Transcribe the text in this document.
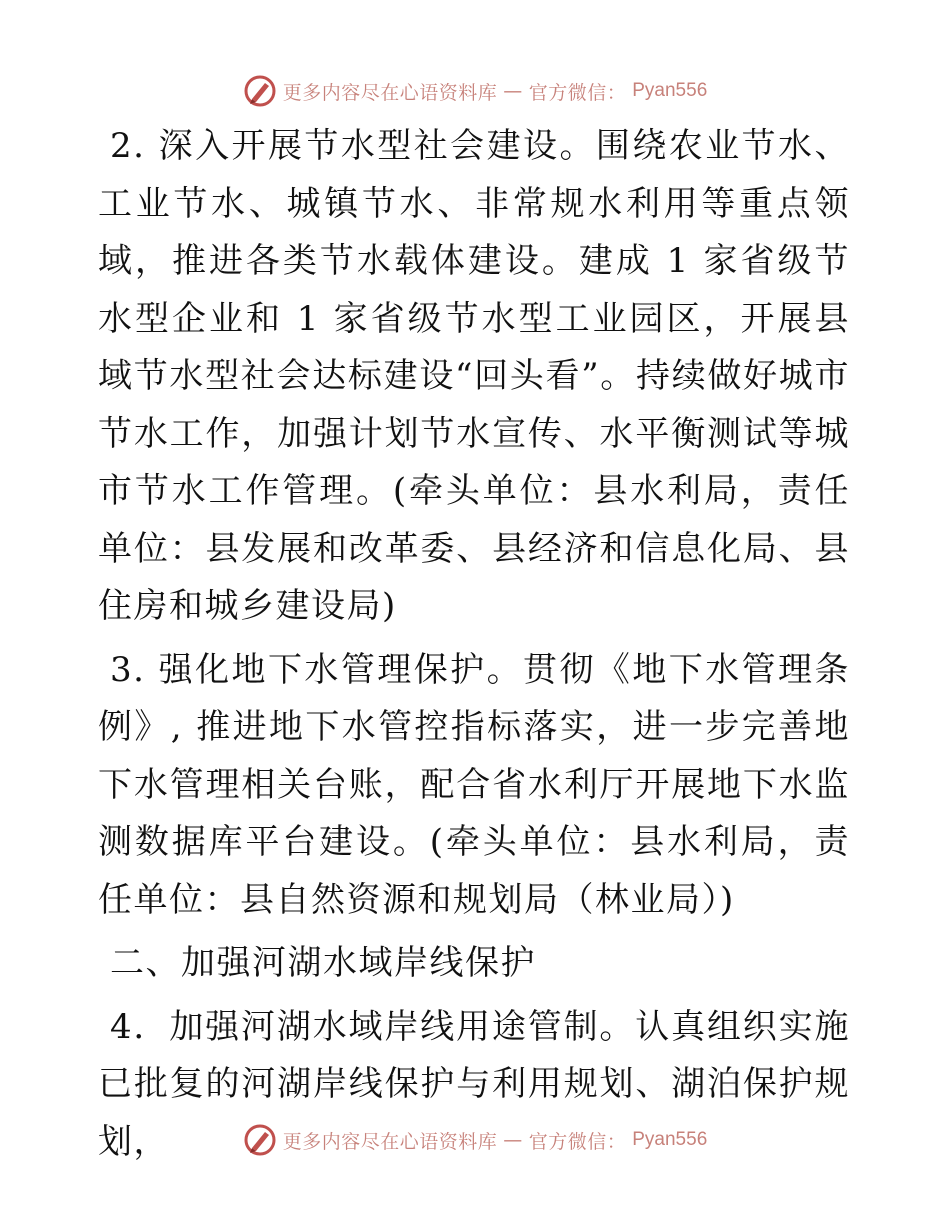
更多内容尽在心语资料库 — 官方微信： Pyan556

2. 深入开展节水型社会建设。围绕农业节水、工业节水、城镇节水、非常规水利用等重点领域，推进各类节水载体建设。建成 1 家省级节水型企业和 1 家省级节水型工业园区，开展县域节水型社会达标建设“回头看”。持续做好城市节水工作，加强计划节水宣传、水平衡测试等城市节水工作管理。(牵头单位：县水利局，责任单位：县发展和改革委、县经济和信息化局、县住房和城乡建设局)

3. 强化地下水管理保护。贯彻《地下水管理条例》, 推进地下水管控指标落实，进一步完善地下水管理相关台账，配合省水利厅开展地下水监测数据库平台建设。(牵头单位：县水利局，责任单位：县自然资源和规划局（林业局）)

二、加强河湖水域岸线保护

4．加强河湖水域岸线用途管制。认真组织实施已批复的河湖岸线保护与利用规划、湖泊保护规划，	更多内容尽在心语资料库 — 官方微信： Pyan556
